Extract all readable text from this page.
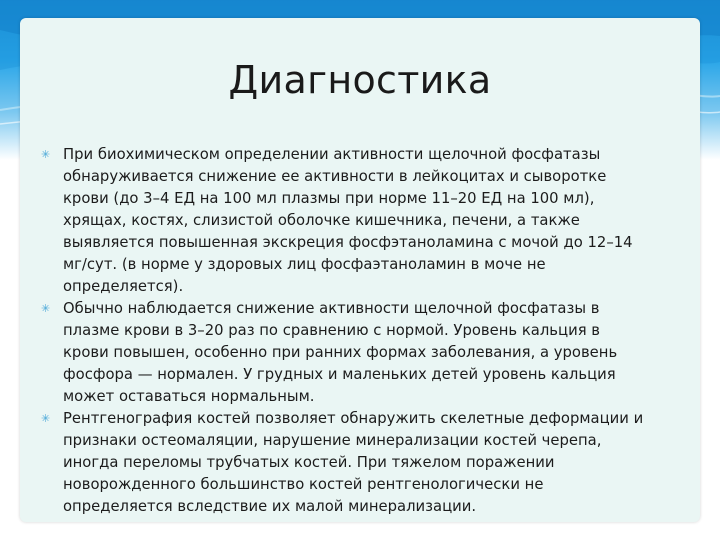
Диагностика
✳ При биохимическом определении активности щелочной фосфатазы
обнаруживается снижение ее активности в лейкоцитах и сыворотке
крови (до 3–4 ЕД на 100 мл плазмы при норме 11–20 ЕД на 100 мл),
хрящах, костях, слизистой оболочке кишечника, печени, а также
выявляется повышенная экскреция фосфэтаноламина с мочой до 12–14
мг/сут. (в норме у здоровых лиц фосфаэтаноламин в моче не
определяется).
✳ Обычно наблюдается снижение активности щелочной фосфатазы в
плазме крови в 3–20 раз по сравнению с нормой. Уровень кальция в
крови повышен, особенно при ранних формах заболевания, а уровень
фосфора — нормален. У грудных и маленьких детей уровень кальция
может оставаться нормальным.
✳ Рентгенография костей позволяет обнаружить скелетные деформации и
признаки остеомаляции, нарушение минерализации костей черепа,
иногда переломы трубчатых костей. При тяжелом поражении
новорожденного большинство костей рентгенологически не
определяется вследствие их малой минерализации.
